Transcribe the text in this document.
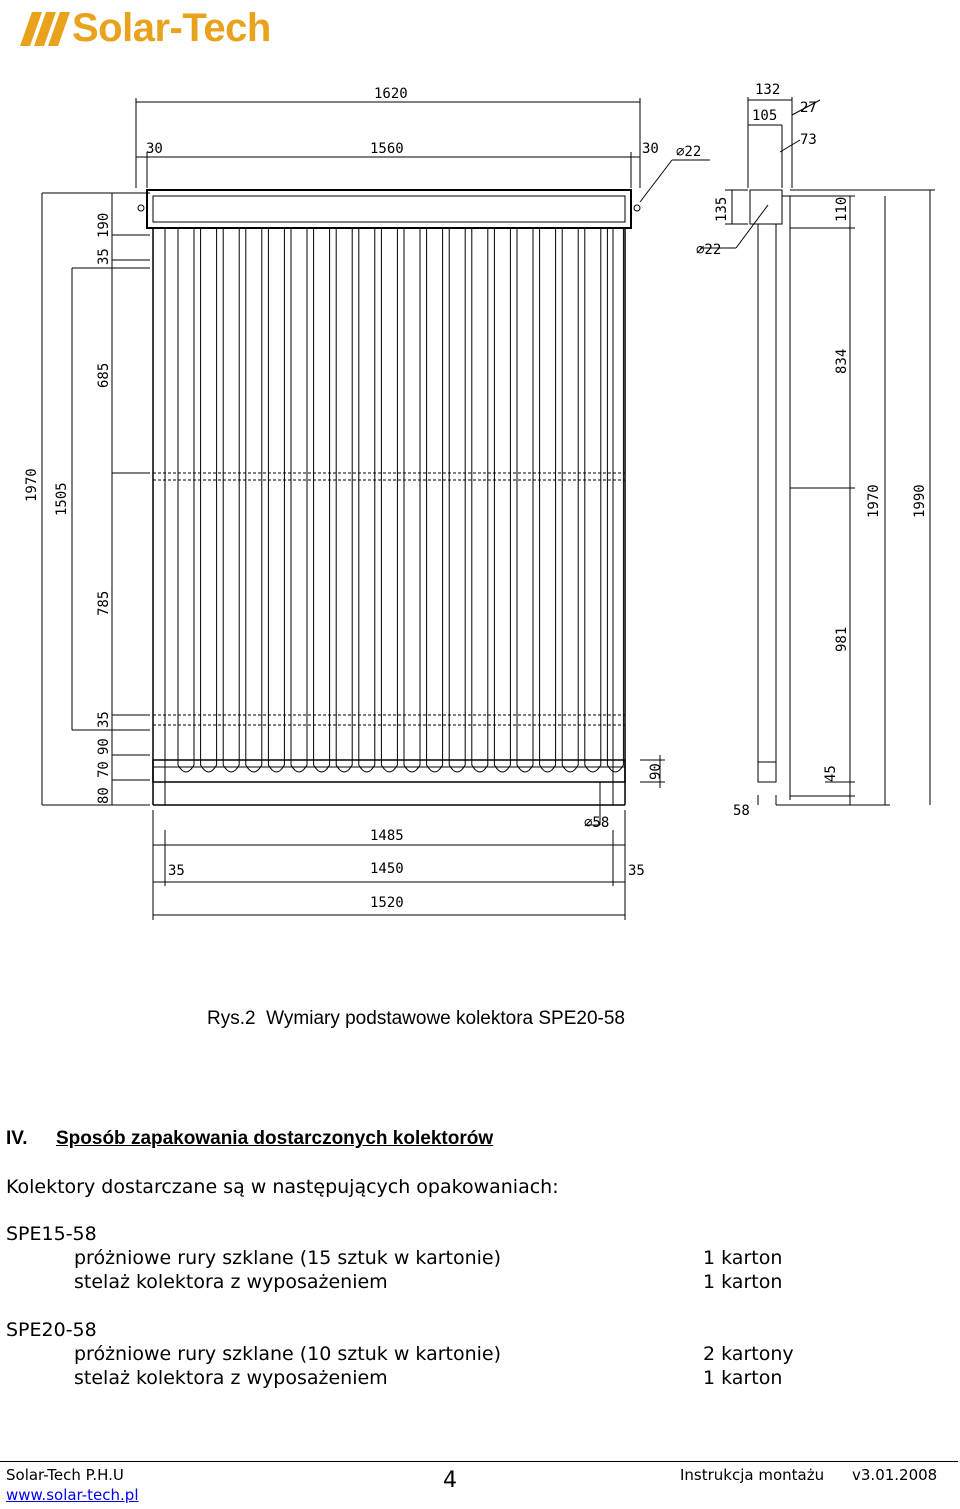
Solar-Tech
1620
1560
30	30 ⌀22
190
35
685
1970 1505
785
35
90
70
80
1485
1450
35	35
1520
⌀58
90
132
105 27
73
135
⌀22
110
834
1970 1990
981
45
58
Rys.2  Wymiary podstawowe kolektora SPE20-58
IV. Sposób zapakowania dostarczonych kolektorów
Kolektory dostarczane są w następujących opakowaniach:
SPE15-58
próżniowe rury szklane (15 sztuk w kartonie)	1 karton
stelaż kolektora z wyposażeniem	1 karton
SPE20-58
próżniowe rury szklane (10 sztuk w kartonie)	2 kartony
stelaż kolektora z wyposażeniem	1 karton
Solar-Tech P.H.U
www.solar-tech.pl
4	Instrukcja montażu v3.01.2008
